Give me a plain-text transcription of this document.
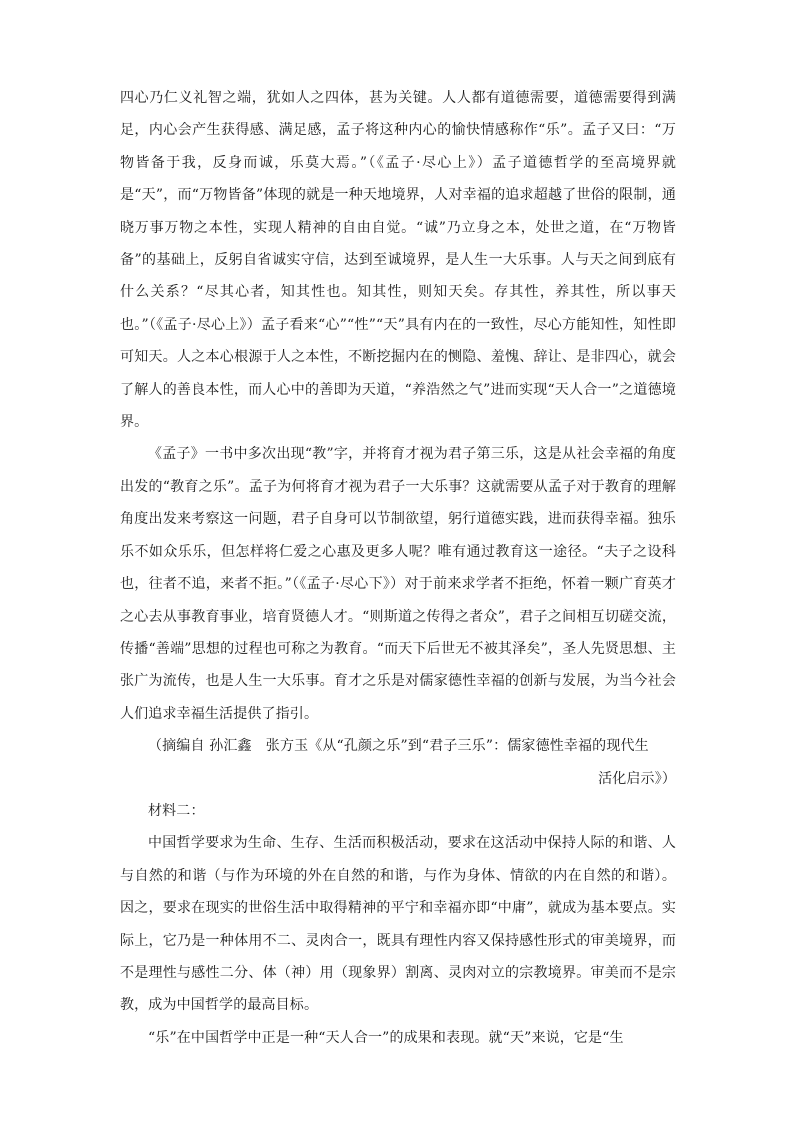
四心乃仁义礼智之端，犹如人之四体，甚为关键。人人都有道德需要，道德需要得到满足，内心会产生获得感、满足感，孟子将这种内心的愉快情感称作“乐”。孟子又曰：“万物皆备于我，反身而诚，乐莫大焉。”（《孟子·尽心上》）孟子道德哲学的至高境界就是“天”，而“万物皆备”体现的就是一种天地境界，人对幸福的追求超越了世俗的限制，通晓万事万物之本性，实现人精神的自由自觉。“诚”乃立身之本，处世之道，在“万物皆备”的基础上，反躬自省诚实守信，达到至诚境界，是人生一大乐事。人与天之间到底有什么关系？“尽其心者，知其性也。知其性，则知天矣。存其性，养其性，所以事天也。”（《孟子·尽心上》）孟子看来“心”“性”“天”具有内在的一致性，尽心方能知性，知性即可知天。人之本心根源于人之本性，不断挖掘内在的恻隐、羞愧、辞让、是非四心，就会了解人的善良本性，而人心中的善即为天道，“养浩然之气”进而实现“天人合一”之道德境界。

《孟子》一书中多次出现“教”字，并将育才视为君子第三乐，这是从社会幸福的角度出发的“教育之乐”。孟子为何将育才视为君子一大乐事？这就需要从孟子对于教育的理解角度出发来考察这一问题，君子自身可以节制欲望，躬行道德实践，进而获得幸福。独乐乐不如众乐乐，但怎样将仁爱之心惠及更多人呢？唯有通过教育这一途径。“夫子之设科也，往者不追，来者不拒。”（《孟子·尽心下》）对于前来求学者不拒绝，怀着一颗广育英才之心去从事教育事业，培育贤德人才。“则斯道之传得之者众”，君子之间相互切磋交流，传播“善端”思想的过程也可称之为教育。“而天下后世无不被其泽矣”，圣人先贤思想、主张广为流传，也是人生一大乐事。育才之乐是对儒家德性幸福的创新与发展，为当今社会人们追求幸福生活提供了指引。

（摘编自 孙汇鑫　张方玉《从“孔颜之乐”到“君子三乐”：儒家德性幸福的现代生

活化启示》）

材料二：

中国哲学要求为生命、生存、生活而积极活动，要求在这活动中保持人际的和谐、人与自然的和谐（与作为环境的外在自然的和谐，与作为身体、情欲的内在自然的和谐）。因之，要求在现实的世俗生活中取得精神的平宁和幸福亦即“中庸”，就成为基本要点。实际上，它乃是一种体用不二、灵肉合一，既具有理性内容又保持感性形式的审美境界，而不是理性与感性二分、体（神）用（现象界）割离、灵肉对立的宗教境界。审美而不是宗教，成为中国哲学的最高目标。

“乐”在中国哲学中正是一种“天人合一”的成果和表现。就“天”来说，它是“生
